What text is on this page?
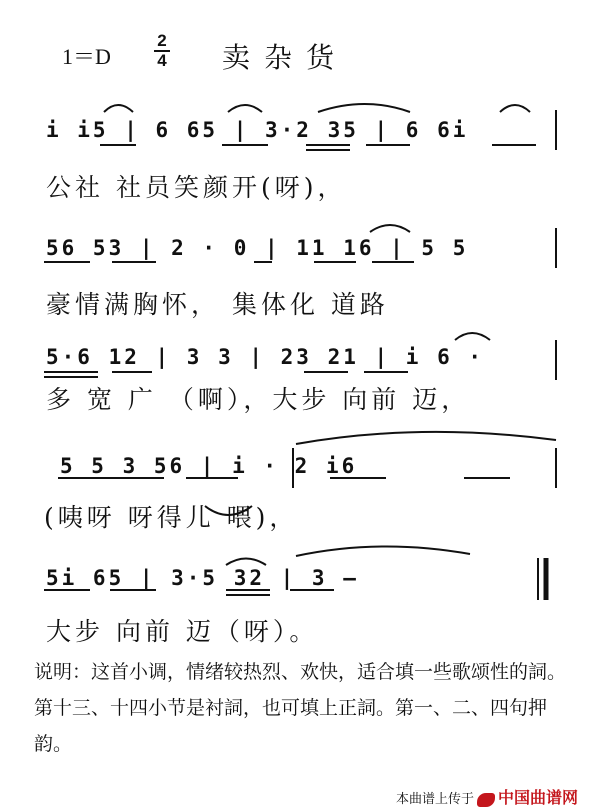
1＝D
2
4 卖杂货
i i5 | 6 65 | 3·2 35 | 6 6i
公社 社员笑颜开(呀)，
56 53 | 2 · 0 | 11 16 | 5 5
豪情满胸怀， 集体化 道路
5·6 12 | 3 3 | 23 21 | i 6 ·
多 宽 广 （啊），大步 向前 迈，
5 5 3 56 | i · 2 i6
(咦呀 呀得儿 喂)，
5i 65 | 3·5 32 | 3 —
大步 向前 迈（呀）。
说明：这首小调，情绪较热烈、欢快，适合填一些歌颂性的詞。第十三、十四小节是衬詞，也可填上正詞。第一、二、四句押韵。
本曲谱上传于 中国曲谱网
